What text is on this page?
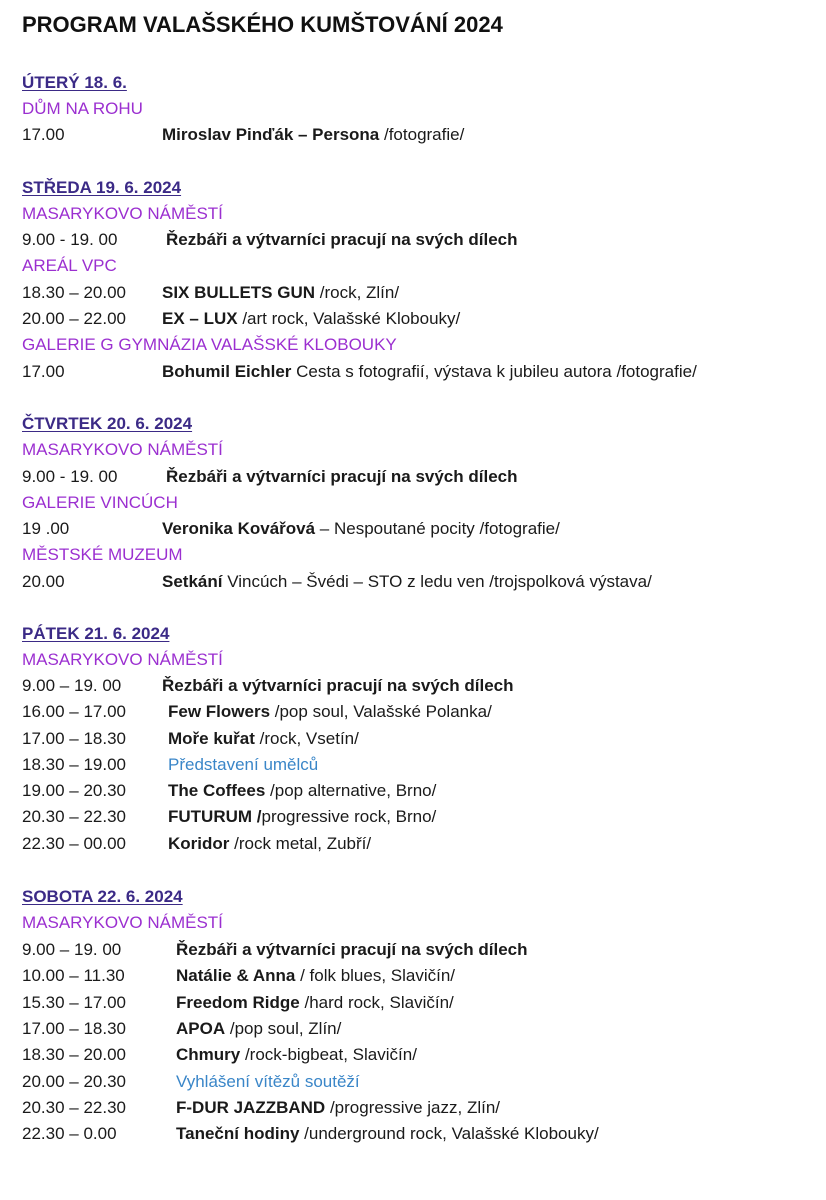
PROGRAM VALAŠSKÉHO KUMŠTOVÁNÍ 2024
ÚTERÝ 18. 6.
DŮM NA ROHU
17.00	Miroslav Pinďák – Persona /fotografie/
STŘEDA 19. 6. 2024
MASARYKOVO NÁMĚSTÍ
9.00 - 19. 00	Řezbáři a výtvarníci pracují na svých dílech
AREÁL VPC
18.30 – 20.00 SIX BULLETS GUN /rock, Zlín/
20.00 – 22.00 EX – LUX /art rock, Valašské Klobouky/
GALERIE G GYMNÁZIA VALAŠSKÉ KLOBOUKY
17.00	Bohumil Eichler Cesta s fotografií, výstava k jubileu autora /fotografie/
ČTVRTEK 20. 6. 2024
MASARYKOVO NÁMĚSTÍ
9.00 - 19. 00	Řezbáři a výtvarníci pracují na svých dílech
GALERIE VINCÚCH
19 .00	Veronika Kovářová – Nespoutané pocity /fotografie/
MĚSTSKÉ MUZEUM
20.00	Setkání Vincúch – Švédi – STO z ledu ven /trojspolková výstava/
PÁTEK 21. 6. 2024
MASARYKOVO NÁMĚSTÍ
9.00 – 19. 00 Řezbáři a výtvarníci pracují na svých dílech
16.00 – 17.00 Few Flowers /pop soul, Valašské Polanka/
17.00 – 18.30 Moře kuřat /rock, Vsetín/
18.30 – 19.00 Představení umělců
19.00 – 20.30 The Coffees /pop alternative, Brno/
20.30 – 22.30 FUTURUM /progressive rock, Brno/
22.30 – 00.00 Koridor /rock metal, Zubří/
SOBOTA 22. 6. 2024
MASARYKOVO NÁMĚSTÍ
9.00 – 19. 00	Řezbáři a výtvarníci pracují na svých dílech
10.00 – 11.30	Natálie & Anna / folk blues, Slavičín/
15.30 – 17.00	Freedom Ridge /hard rock, Slavičín/
17.00 – 18.30	APOA /pop soul, Zlín/
18.30 – 20.00	Chmury /rock-bigbeat, Slavičín/
20.00 – 20.30	Vyhlášení vítězů soutěží
20.30 – 22.30	F-DUR JAZZBAND /progressive jazz, Zlín/
22.30 – 0.00	Taneční hodiny /underground rock, Valašské Klobouky/
